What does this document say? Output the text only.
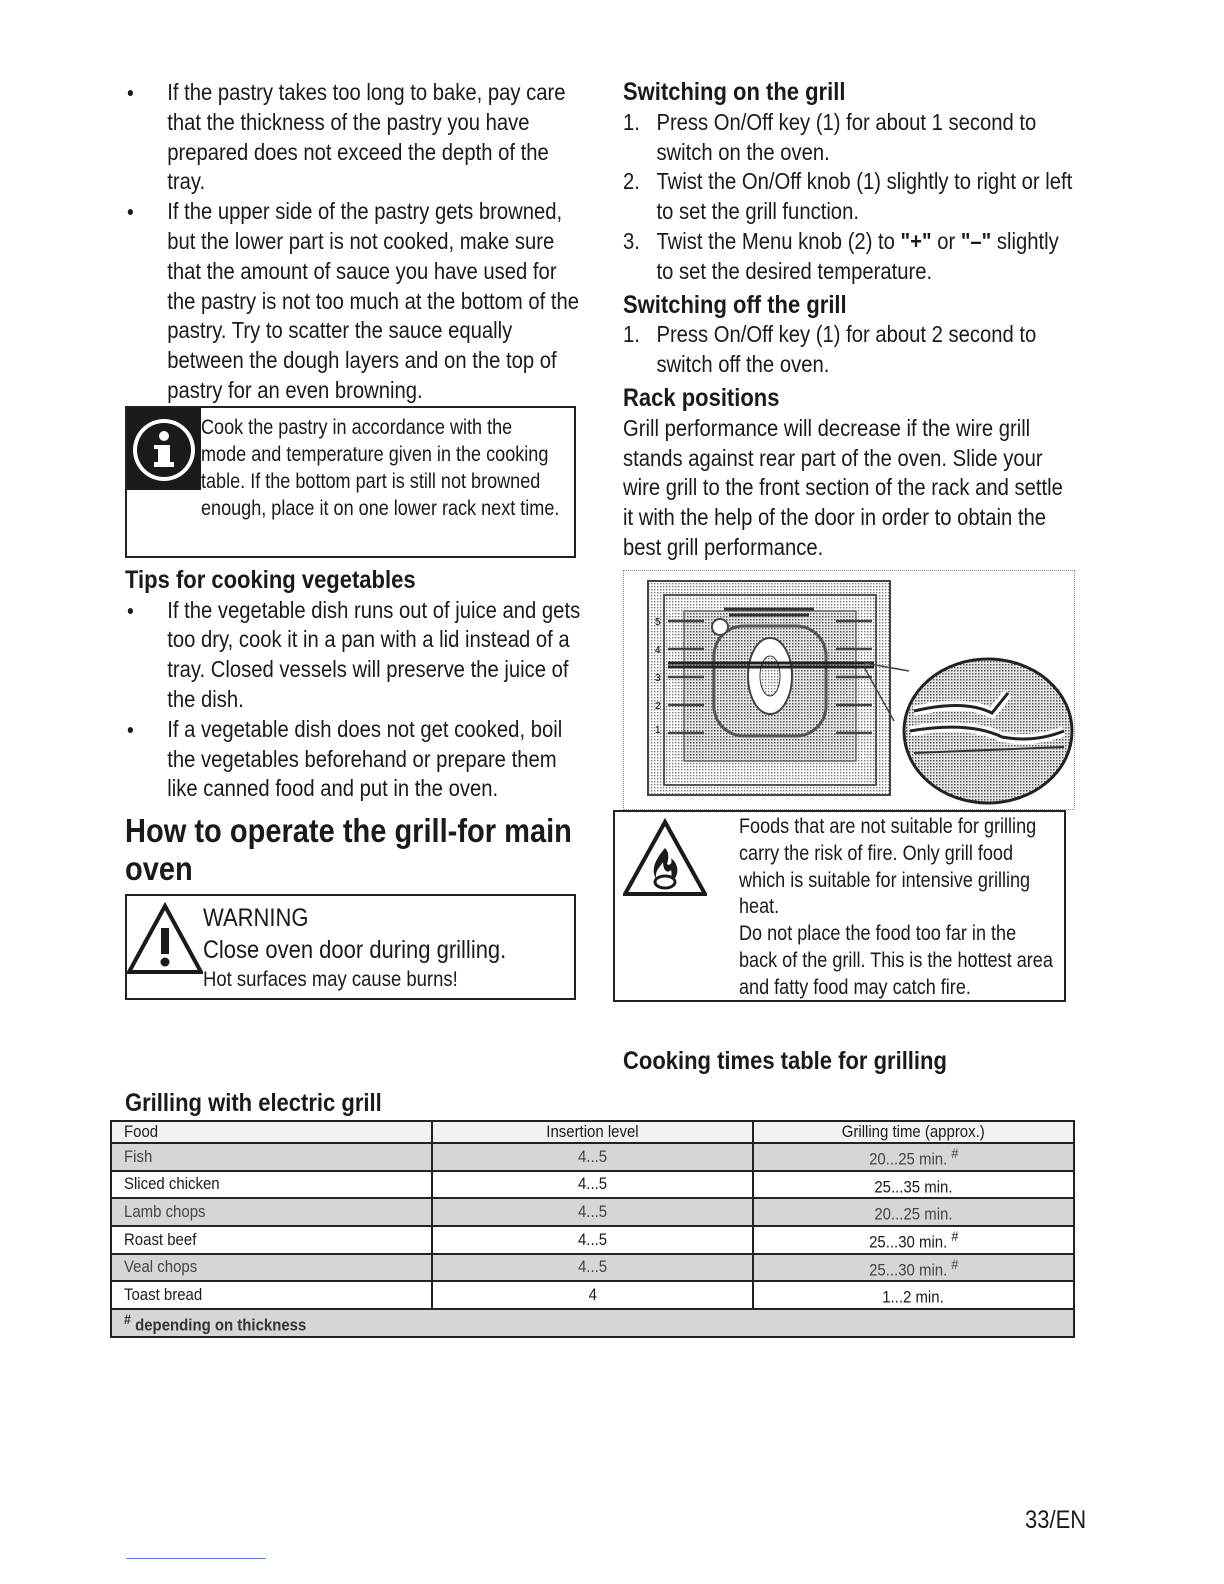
● If the pastry takes too long to bake, pay care that the thickness of the pastry you have prepared does not exceed the depth of the tray.
● If the upper side of the pastry gets browned, but the lower part is not cooked, make sure that the amount of sauce you have used for the pastry is not too much at the bottom of the pastry. Try to scatter the sauce equally between the dough layers and on the top of pastry for an even browning.
Cook the pastry in accordance with the mode and temperature given in the cooking table. If the bottom part is still not browned enough, place it on one lower rack next time.
Tips for cooking vegetables
● If the vegetable dish runs out of juice and gets too dry, cook it in a pan with a lid instead of a tray. Closed vessels will preserve the juice of the dish.
● If a vegetable dish does not get cooked, boil the vegetables beforehand or prepare them like canned food and put in the oven.
How to operate the grill-for main oven
WARNING
Close oven door during grilling.
Hot surfaces may cause burns!
Switching on the grill
1. Press On/Off key (1) for about 1 second to switch on the oven.
2. Twist the On/Off knob (1) slightly to right or left to set the grill function.
3. Twist the Menu knob (2) to "+" or "–" slightly to set the desired temperature.
Switching off the grill
1. Press On/Off key (1) for about 2 second to switch off the oven.
Rack positions
Grill performance will decrease if the wire grill stands against rear part of the oven. Slide your wire grill to the front section of the rack and settle it with the help of the door in order to obtain the best grill performance.
5
4
3
2
1
Foods that are not suitable for grilling carry the risk of fire. Only grill food which is suitable for intensive grilling heat.
Do not place the food too far in the back of the grill. This is the hottest area and fatty food may catch fire.
Cooking times table for grilling
Grilling with electric grill
Food	Insertion level	Grilling time (approx.)
Fish	4...5	20...25 min. #
Sliced chicken	4...5	25...35 min.
Lamb chops	4...5	20...25 min.
Roast beef	4...5	25...30 min. #
Veal chops	4...5	25...30 min. #
Toast bread	4	1...2 min.
# depending on thickness		
33/EN
